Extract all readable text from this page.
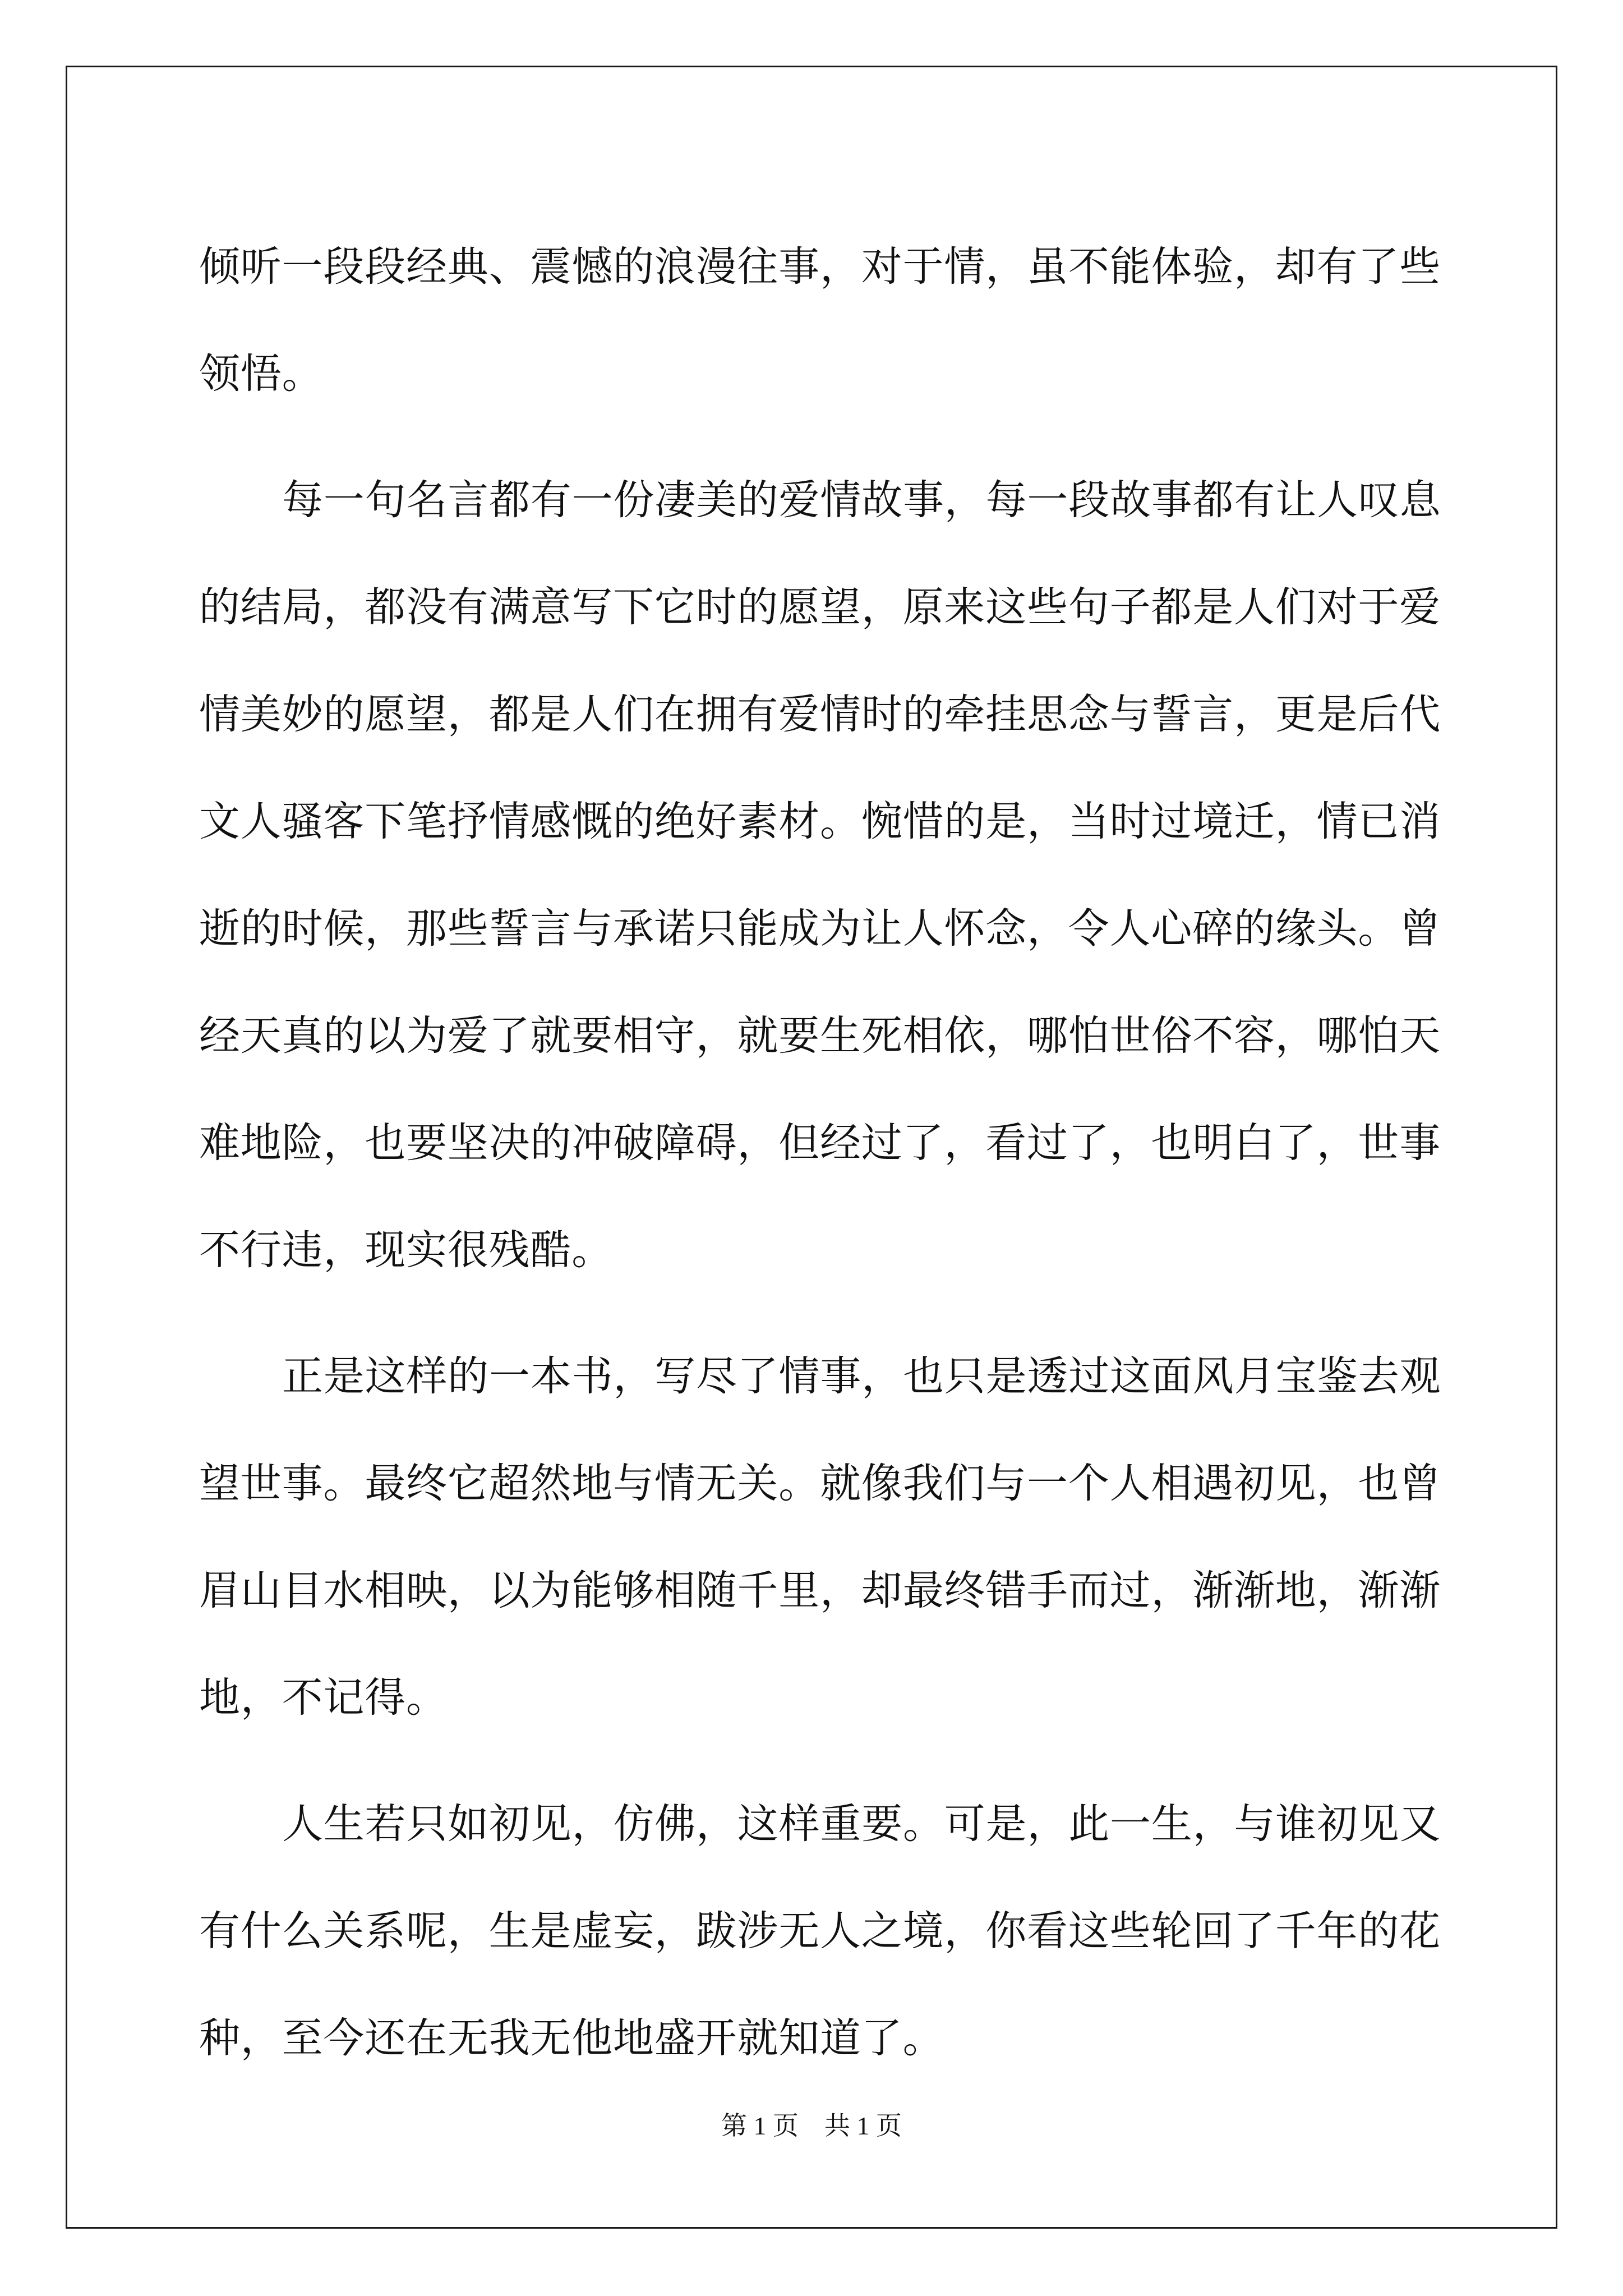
倾听一段段经典、震憾的浪漫往事，对于情，虽不能体验，却有了些
领悟。
每一句名言都有一份凄美的爱情故事，每一段故事都有让人叹息
的结局，都没有满意写下它时的愿望，原来这些句子都是人们对于爱
情美妙的愿望，都是人们在拥有爱情时的牵挂思念与誓言，更是后代
文人骚客下笔抒情感慨的绝好素材。惋惜的是，当时过境迁，情已消
逝的时候，那些誓言与承诺只能成为让人怀念，令人心碎的缘头。曾
经天真的以为爱了就要相守，就要生死相依，哪怕世俗不容，哪怕天
难地险，也要坚决的冲破障碍，但经过了，看过了，也明白了，世事
不行违，现实很残酷。
正是这样的一本书，写尽了情事，也只是透过这面风月宝鉴去观
望世事。最终它超然地与情无关。就像我们与一个人相遇初见，也曾
眉山目水相映，以为能够相随千里，却最终错手而过，渐渐地，渐渐
地，不记得。
人生若只如初见，仿佛，这样重要。可是，此一生，与谁初见又
有什么关系呢，生是虚妄，跋涉无人之境，你看这些轮回了千年的花
种，至今还在无我无他地盛开就知道了。
第 1 页    共 1 页
